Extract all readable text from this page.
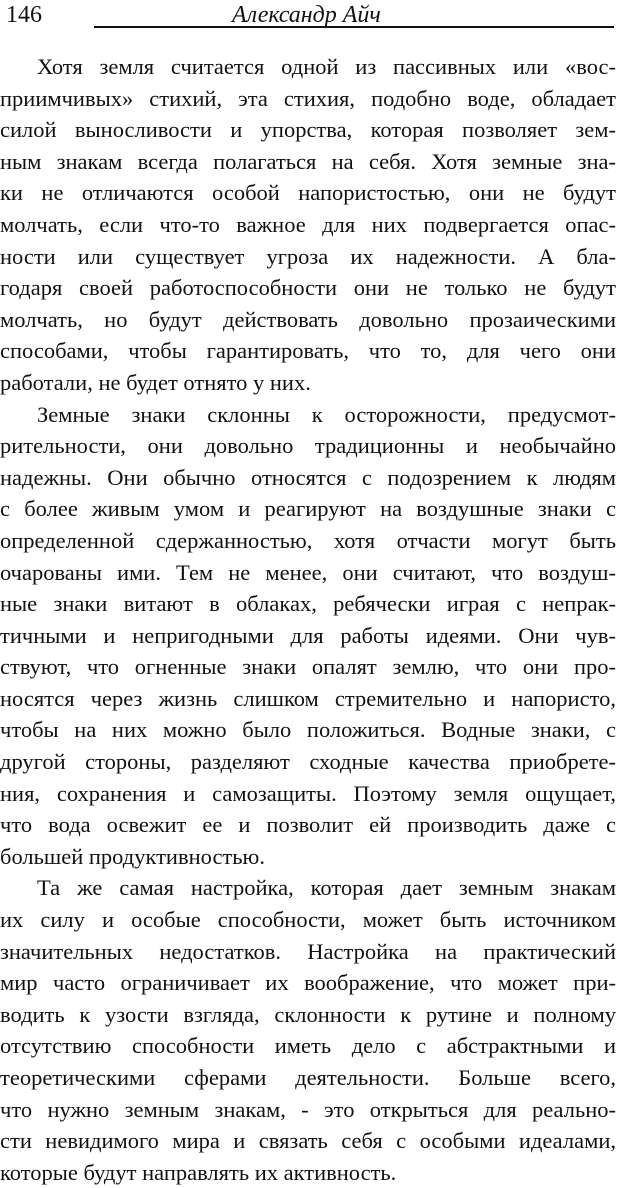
146	Александр Айч
Хотя земля считается одной из пассивных или «вос-
приимчивых» стихий, эта стихия, подобно воде, обладает
силой выносливости и упорства, которая позволяет зем-
ным знакам всегда полагаться на себя. Хотя земные зна-
ки не отличаются особой напористостью, они не будут
молчать, если что-то важное для них подвергается опас-
ности или существует угроза их надежности. А бла-
годаря своей работоспособности они не только не будут
молчать, но будут действовать довольно прозаическими
способами, чтобы гарантировать, что то, для чего они
работали, не будет отнято у них.
Земные знаки склонны к осторожности, предусмот-
рительности, они довольно традиционны и необычайно
надежны. Они обычно относятся с подозрением к людям
с более живым умом и реагируют на воздушные знаки с
определенной сдержанностью, хотя отчасти могут быть
очарованы ими. Тем не менее, они считают, что воздуш-
ные знаки витают в облаках, ребячески играя с непрак-
тичными и непригодными для работы идеями. Они чув-
ствуют, что огненные знаки опалят землю, что они про-
носятся через жизнь слишком стремительно и напористо,
чтобы на них можно было положиться. Водные знаки, с
другой стороны, разделяют сходные качества приобрете-
ния, сохранения и самозащиты. Поэтому земля ощущает,
что вода освежит ее и позволит ей производить даже с
большей продуктивностью.
Та же самая настройка, которая дает земным знакам
их силу и особые способности, может быть источником
значительных недостатков. Настройка на практический
мир часто ограничивает их воображение, что может при-
водить к узости взгляда, склонности к рутине и полному
отсутствию способности иметь дело с абстрактными и
теоретическими сферами деятельности. Больше всего,
что нужно земным знакам, - это открыться для реально-
сти невидимого мира и связать себя с особыми идеалами,
которые будут направлять их активность.
